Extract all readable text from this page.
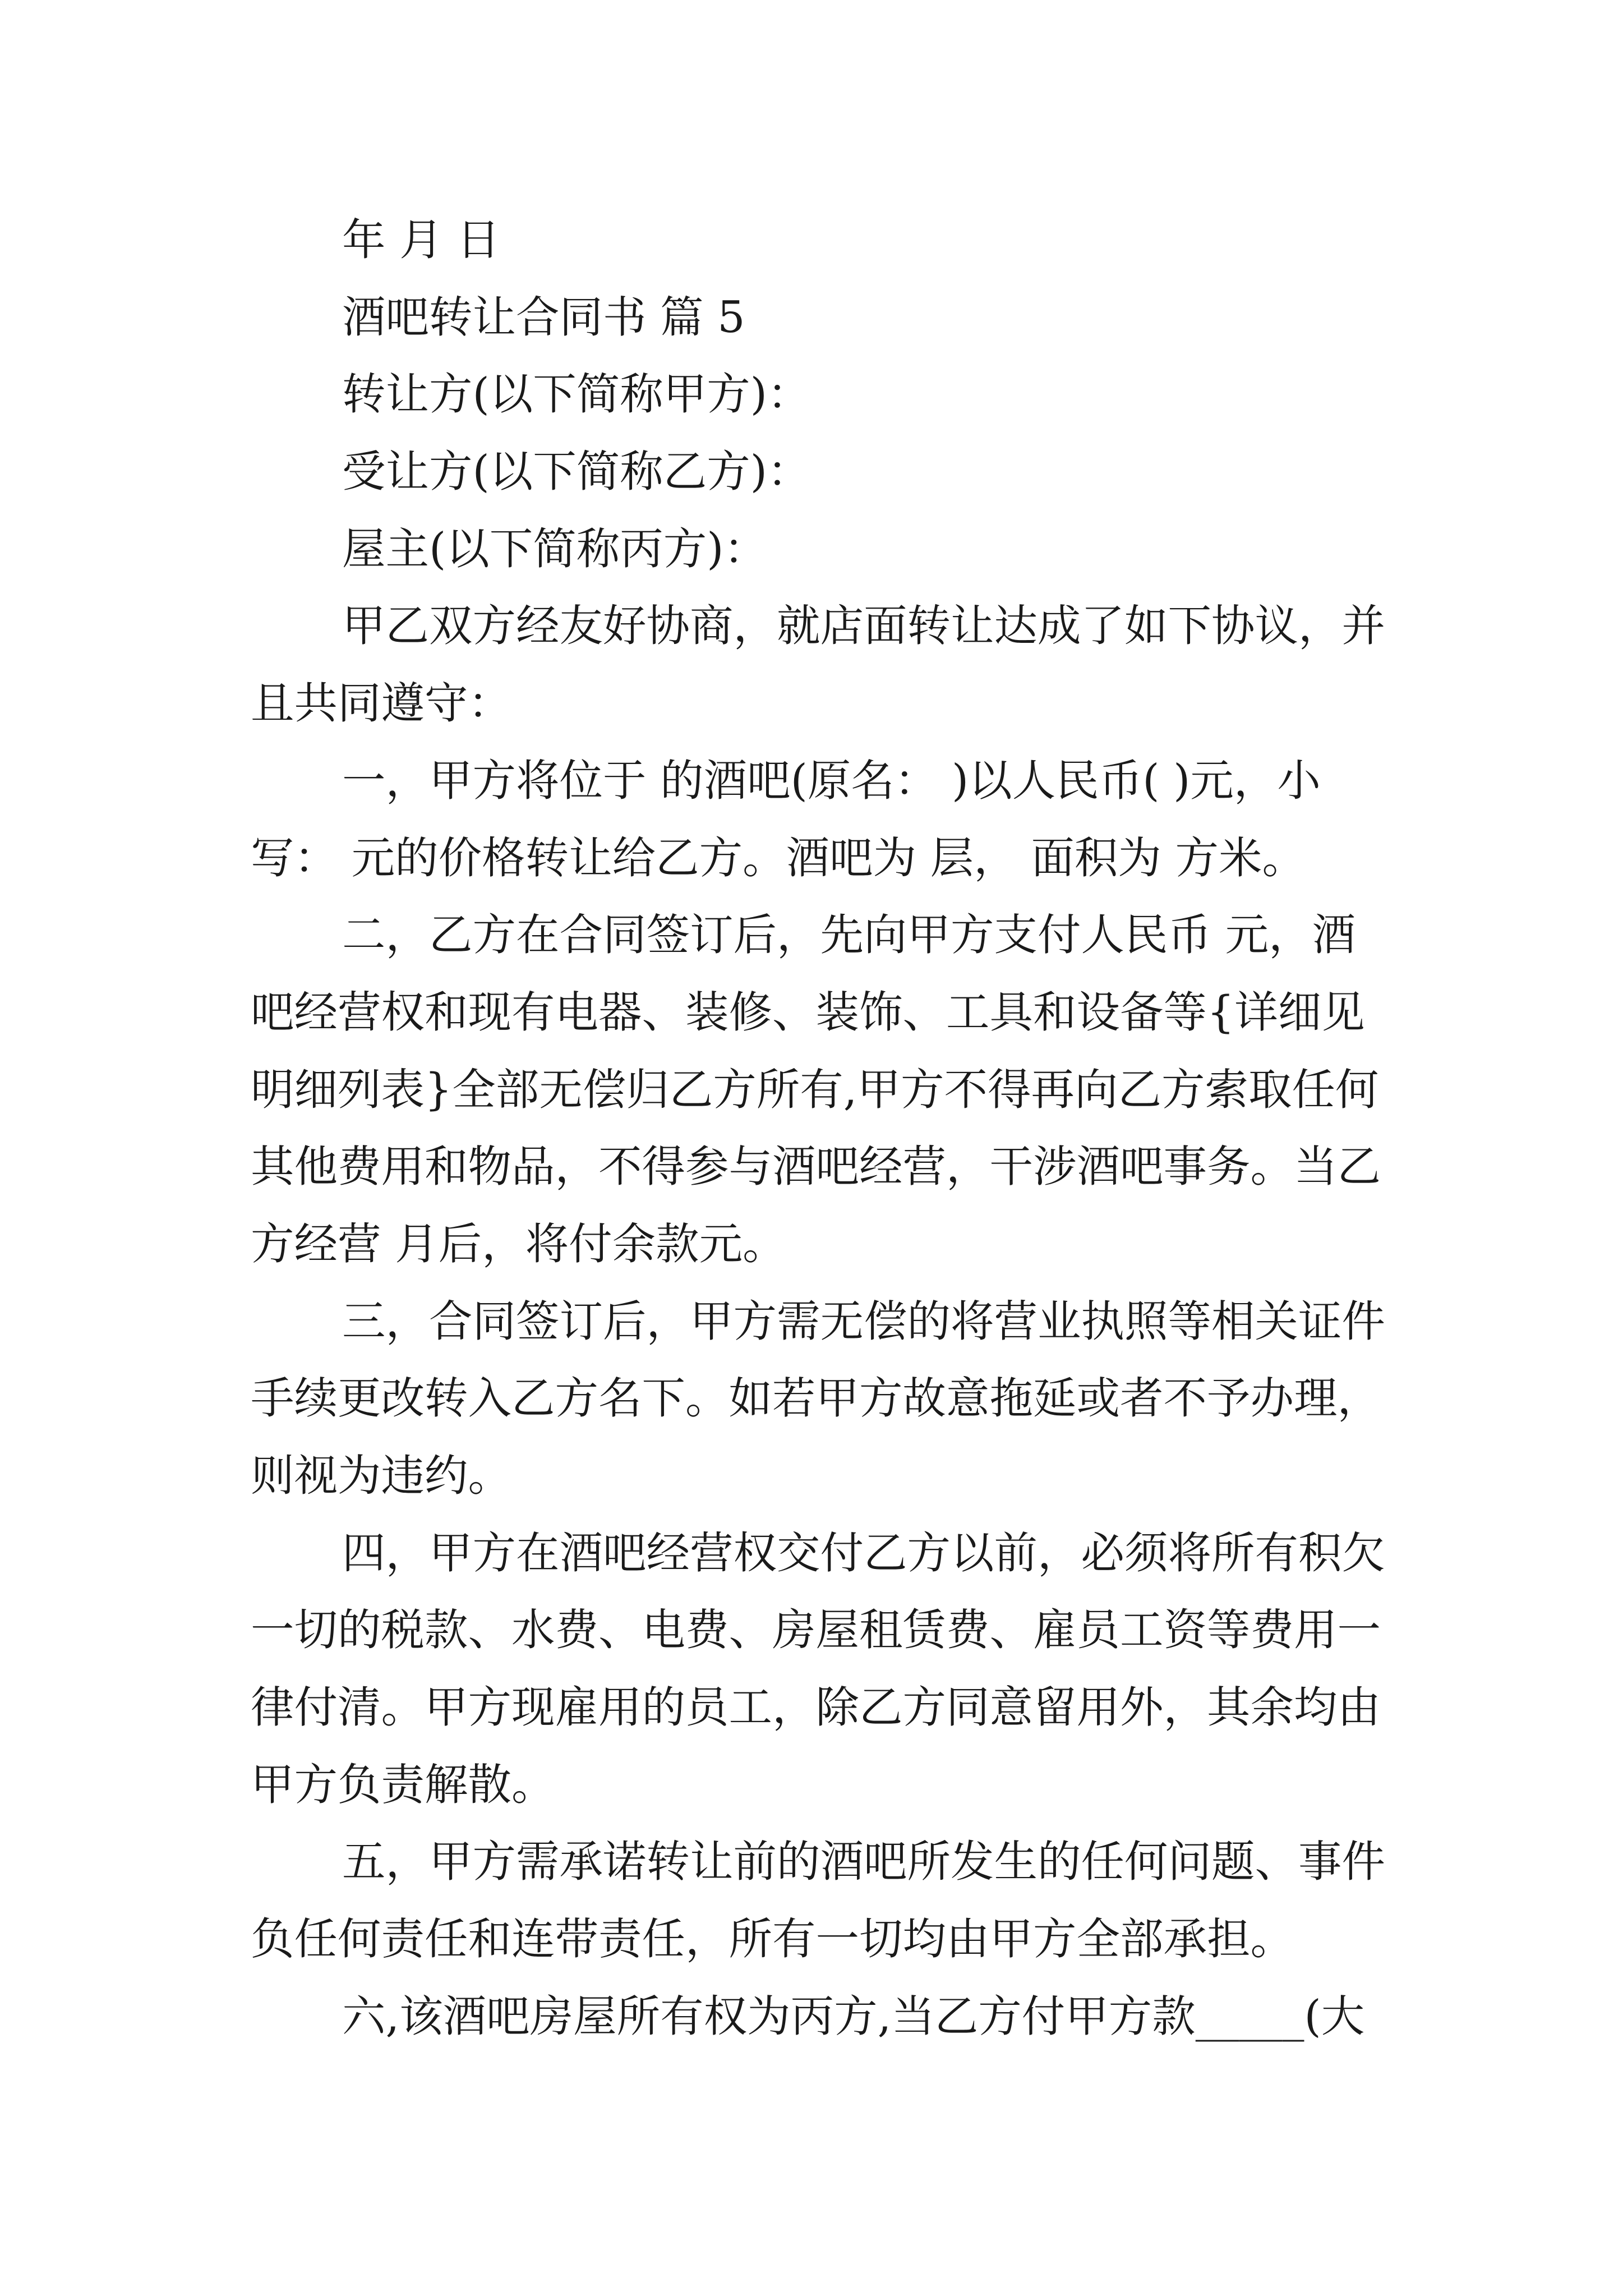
年 月 日
酒吧转让合同书 篇 5
转让方(以下简称甲方)：
受让方(以下简称乙方)：
屋主(以下简称丙方)：
甲乙双方经友好协商，就店面转让达成了如下协议，并
且共同遵守：
一，甲方将位于 的酒吧(原名： )以人民币( )元，小
写： 元的价格转让给乙方。酒吧为 层， 面积为 方米。
二，乙方在合同签订后，先向甲方支付人民币 元，酒
吧经营权和现有电器、装修、装饰、工具和设备等{详细见
明细列表}全部无偿归乙方所有,甲方不得再向乙方索取任何
其他费用和物品，不得参与酒吧经营，干涉酒吧事务。当乙
方经营 月后，将付余款元。
三，合同签订后，甲方需无偿的将营业执照等相关证件
手续更改转入乙方名下。如若甲方故意拖延或者不予办理，
则视为违约。
四，甲方在酒吧经营权交付乙方以前，必须将所有积欠
一切的税款、水费、电费、房屋租赁费、雇员工资等费用一
律付清。甲方现雇用的员工，除乙方同意留用外，其余均由
甲方负责解散。
五，甲方需承诺转让前的酒吧所发生的任何问题、事件
负任何责任和连带责任，所有一切均由甲方全部承担。
六,该酒吧房屋所有权为丙方,当乙方付甲方款_____(大
